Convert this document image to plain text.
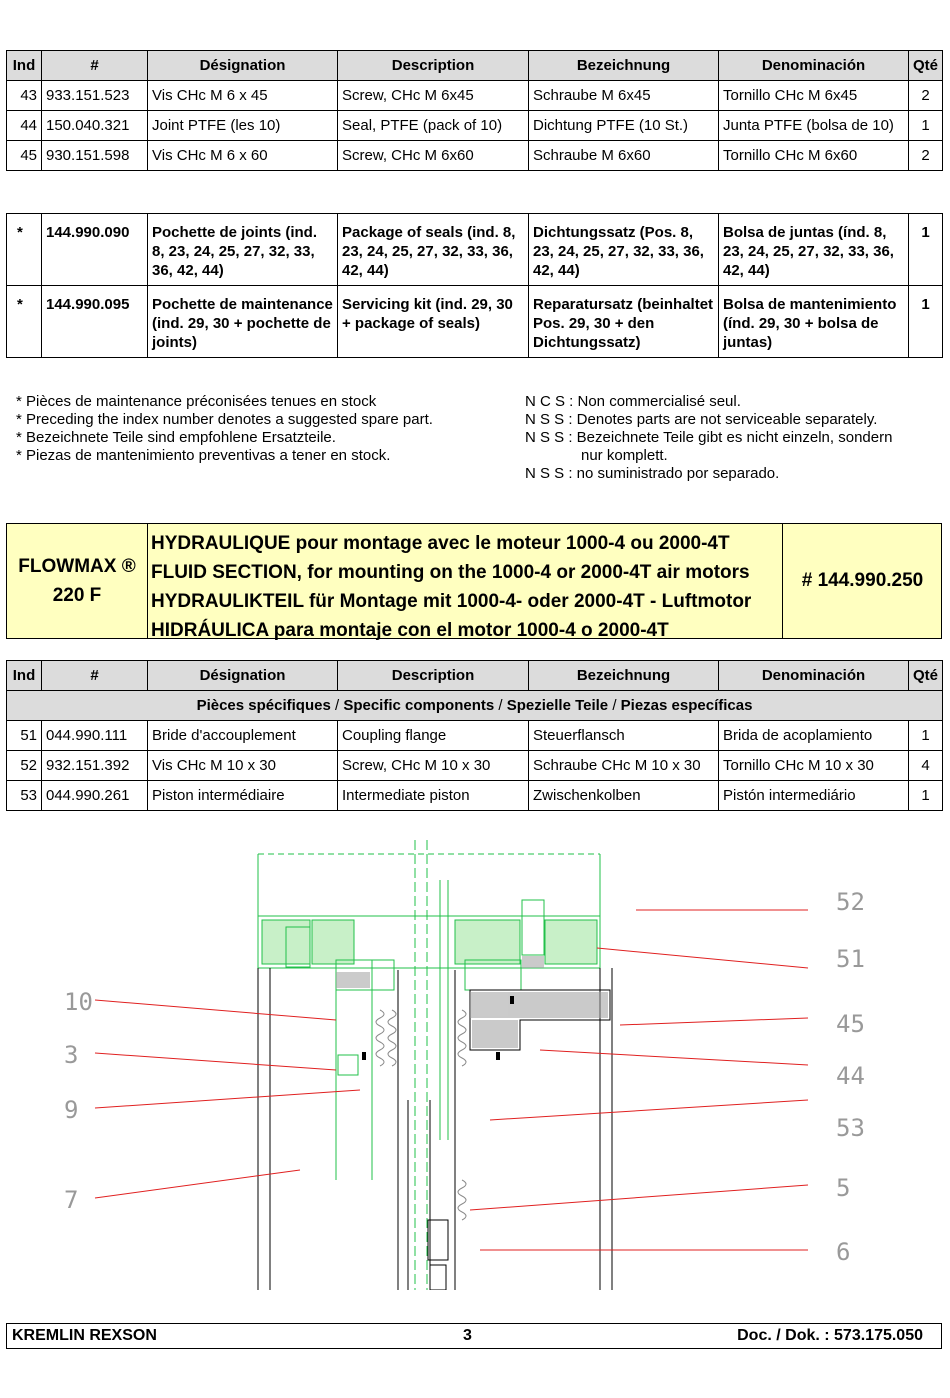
Ind	#	Désignation	Description	Bezeichnung	Denominación	Qté
43	933.151.523	Vis CHc M 6 x 45	Screw, CHc M 6x45	Schraube M 6x45	Tornillo CHc M 6x45	2
44	150.040.321	Joint PTFE (les 10)	Seal, PTFE (pack of 10)	Dichtung PTFE (10 St.)	Junta PTFE (bolsa de 10)	1
45	930.151.598	Vis CHc M 6 x 60	Screw, CHc M 6x60	Schraube M 6x60	Tornillo CHc M 6x60	2
*	144.990.090	Pochette de joints (ind. 8, 23, 24, 25, 27, 32, 33, 36, 42, 44)	Package of seals (ind. 8, 23, 24, 25, 27, 32, 33, 36, 42, 44)	Dichtungssatz (Pos. 8, 23, 24, 25, 27, 32, 33, 36, 42, 44)	Bolsa de juntas (índ. 8, 23, 24, 25, 27, 32, 33, 36, 42, 44)	1
*	144.990.095	Pochette de maintenance (ind. 29, 30 + pochette de joints)	Servicing kit (ind. 29, 30 + package of seals)	Reparatursatz (beinhaltet Pos. 29, 30 + den Dichtungssatz)	Bolsa de mantenimiento (índ. 29, 30 + bolsa de juntas)	1
* Pièces de maintenance préconisées tenues en stock
* Preceding the index number denotes a suggested spare part.
* Bezeichnete Teile sind empfohlene Ersatzteile.
* Piezas de mantenimiento preventivas a tener en stock.
N C S : Non commercialisé seul.
N S S : Denotes parts are not serviceable separately.
N S S : Bezeichnete Teile gibt es nicht einzeln, sondern
nur komplett.
N S S : no suministrado por separado.
FLOWMAX ®
220 F
HYDRAULIQUE pour montage avec le moteur 1000-4 ou 2000-4T
FLUID SECTION, for mounting on the 1000-4 or 2000-4T air motors
HYDRAULIKTEIL für Montage mit 1000-4- oder 2000-4T - Luftmotor
HIDRÁULICA para montaje con el motor 1000-4 o 2000-4T
# 144.990.250
Ind	#	Désignation	Description	Bezeichnung	Denominación	Qté
Pièces spécifiques / Specific components / Spezielle Teile / Piezas específicas						
51	044.990.111	Bride d'accouplement	Coupling flange	Steuerflansch	Brida de acoplamiento	1
52	932.151.392	Vis CHc M 10 x 30	Screw, CHc M 10 x 30	Schraube CHc M 10 x 30	Tornillo CHc M 10 x 30	4
53	044.990.261	Piston intermédiaire	Intermediate piston	Zwischenkolben	Pistón intermediário	1
10
3
9
7
52
51
45
44
53
5
6
KREMLIN REXSON	3	Doc. / Dok. : 573.175.050
